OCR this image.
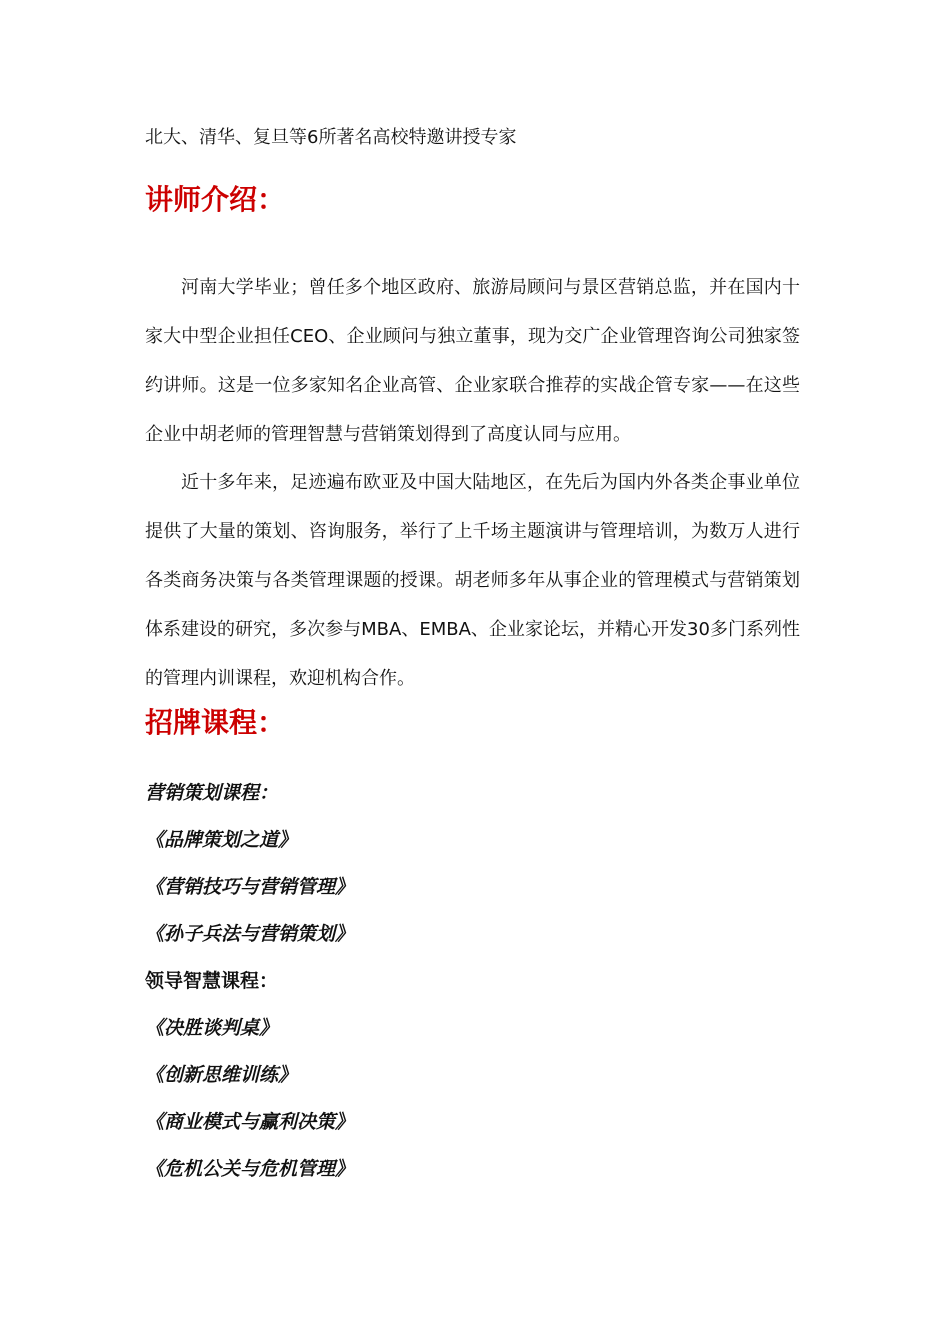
北大、清华、复旦等6所著名高校特邀讲授专家
讲师介绍：

河南大学毕业；曾任多个地区政府、旅游局顾问与景区营销总监，并在国内十家大中型企业担任CEO、企业顾问与独立董事，现为交广企业管理咨询公司独家签约讲师。这是一位多家知名企业高管、企业家联合推荐的实战企管专家——在这些企业中胡老师的管理智慧与营销策划得到了高度认同与应用。

近十多年来，足迹遍布欧亚及中国大陆地区，在先后为国内外各类企事业单位提供了大量的策划、咨询服务，举行了上千场主题演讲与管理培训，为数万人进行各类商务决策与各类管理课题的授课。胡老师多年从事企业的管理模式与营销策划体系建设的研究，多次参与MBA、EMBA、企业家论坛，并精心开发30多门系列性的管理内训课程，欢迎机构合作。

招牌课程：
营销策划课程：
《品牌策划之道》
《营销技巧与营销管理》
《孙子兵法与营销策划》
领导智慧课程：
《决胜谈判桌》
《创新思维训练》
《商业模式与赢利决策》
《危机公关与危机管理》
